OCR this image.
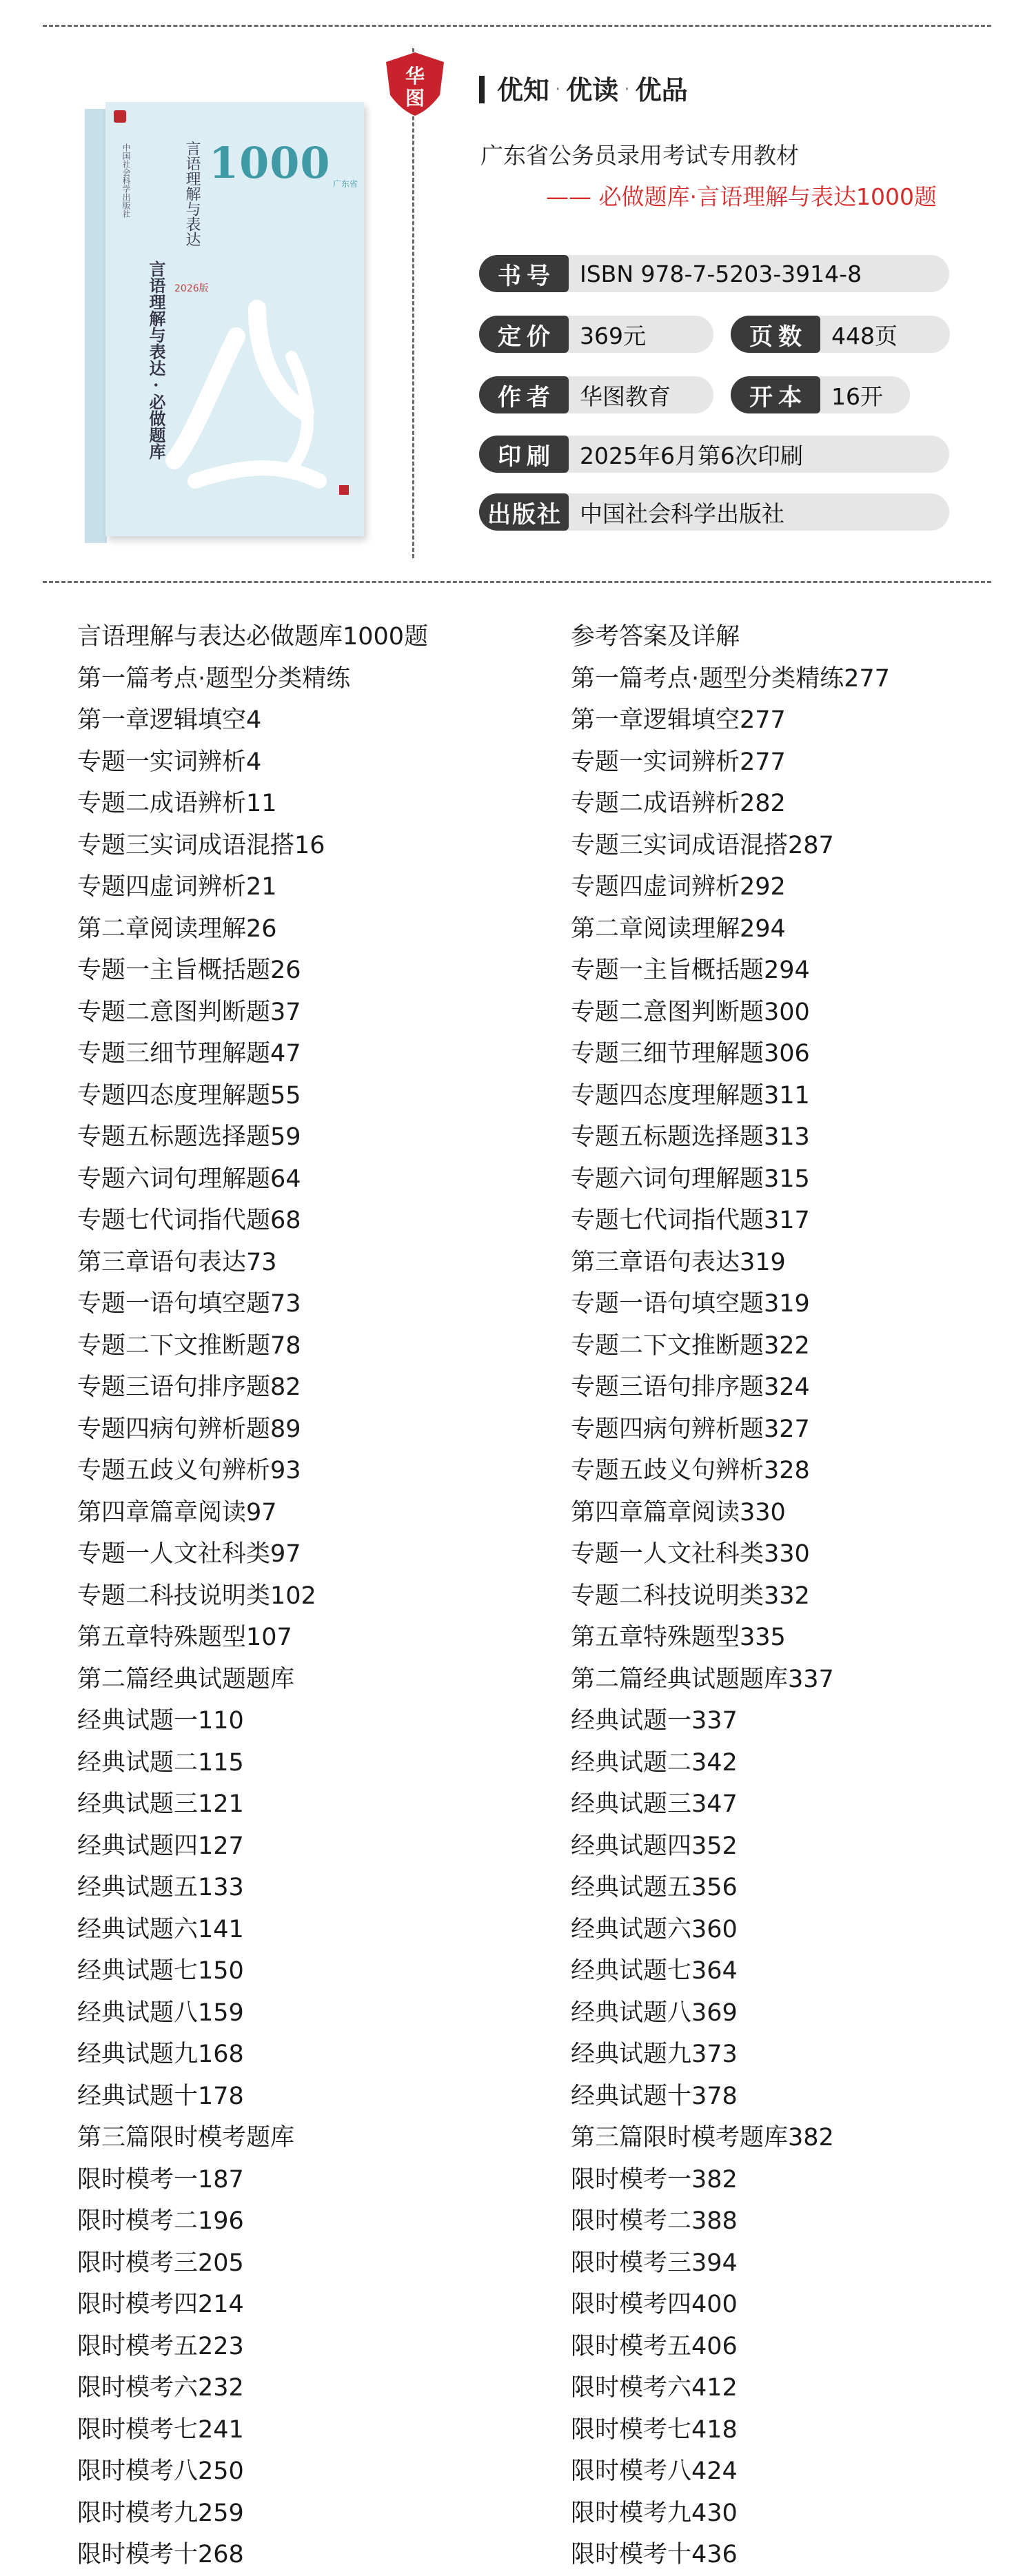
中国社会科学出版社	言语理解与表达 1000 广东省
言语理解与表达 · 必做题库 2026版
华
图	优知 · 优读 · 优品
广东省公务员录用考试专用教材
—— 必做题库·言语理解与表达1000题
书号	ISBN 978-7-5203-3914-8
定价	369元	页数	448页
作者	华图教育	开本	16开
印刷	2025年6月第6次印刷
出版社 中国社会科学出版社
言语理解与表达必做题库1000题
第一篇考点·题型分类精练
第一章逻辑填空4
专题一实词辨析4
专题二成语辨析11
专题三实词成语混搭16
专题四虚词辨析21
第二章阅读理解26
专题一主旨概括题26
专题二意图判断题37
专题三细节理解题47
专题四态度理解题55
专题五标题选择题59
专题六词句理解题64
专题七代词指代题68
第三章语句表达73
专题一语句填空题73
专题二下文推断题78
专题三语句排序题82
专题四病句辨析题89
专题五歧义句辨析93
第四章篇章阅读97
专题一人文社科类97
专题二科技说明类102
第五章特殊题型107
第二篇经典试题题库
经典试题一110
经典试题二115
经典试题三121
经典试题四127
经典试题五133
经典试题六141
经典试题七150
经典试题八159
经典试题九168
经典试题十178
第三篇限时模考题库
限时模考一187
限时模考二196
限时模考三205
限时模考四214
限时模考五223
限时模考六232
限时模考七241
限时模考八250
限时模考九259
限时模考十268
参考答案及详解
第一篇考点·题型分类精练277
第一章逻辑填空277
专题一实词辨析277
专题二成语辨析282
专题三实词成语混搭287
专题四虚词辨析292
第二章阅读理解294
专题一主旨概括题294
专题二意图判断题300
专题三细节理解题306
专题四态度理解题311
专题五标题选择题313
专题六词句理解题315
专题七代词指代题317
第三章语句表达319
专题一语句填空题319
专题二下文推断题322
专题三语句排序题324
专题四病句辨析题327
专题五歧义句辨析328
第四章篇章阅读330
专题一人文社科类330
专题二科技说明类332
第五章特殊题型335
第二篇经典试题题库337
经典试题一337
经典试题二342
经典试题三347
经典试题四352
经典试题五356
经典试题六360
经典试题七364
经典试题八369
经典试题九373
经典试题十378
第三篇限时模考题库382
限时模考一382
限时模考二388
限时模考三394
限时模考四400
限时模考五406
限时模考六412
限时模考七418
限时模考八424
限时模考九430
限时模考十436
